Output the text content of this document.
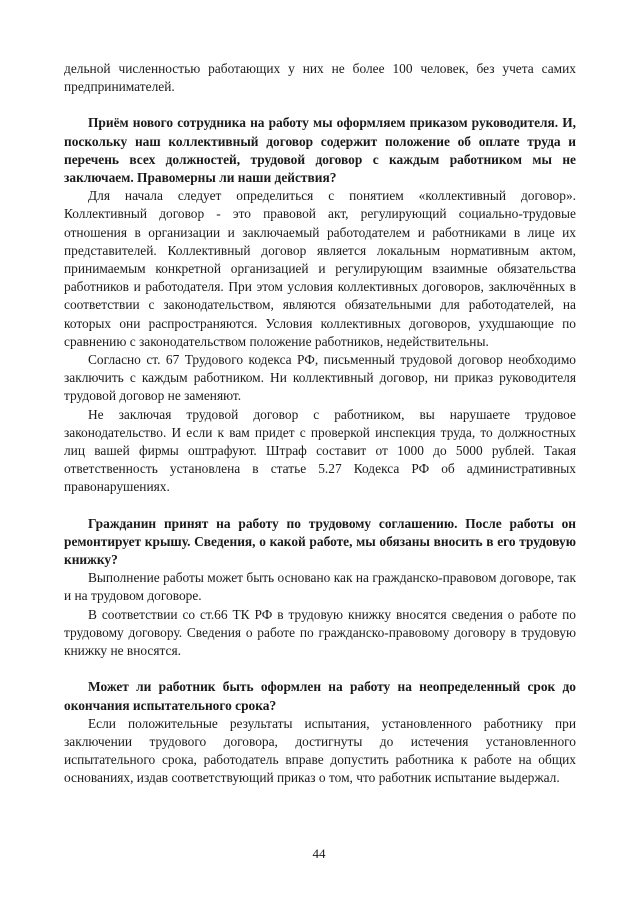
дельной численностью работающих у них не более 100 человек, без учета самих предпринимателей.

Приём нового сотрудника на работу мы оформляем приказом руководителя. И, поскольку наш коллективный договор содержит положение об оплате труда и перечень всех должностей, трудовой договор с каждым работником мы не заключаем. Правомерны ли наши действия?

Для начала следует определиться с понятием «коллективный договор». Коллективный договор - это правовой акт, регулирующий социально-трудовые отношения в организации и заключаемый работодателем и работниками в лице их представителей. Коллективный договор является локальным нормативным актом, принимаемым конкретной организацией и регулирующим взаимные обязательства работников и работодателя. При этом условия коллективных договоров, заключённых в соответствии с законодательством, являются обязательными для работодателей, на которых они распространяются. Условия коллективных договоров, ухудшающие по сравнению с законодательством положение работников, недействительны.

Согласно ст. 67 Трудового кодекса РФ, письменный трудовой договор необходимо заключить с каждым работником. Ни коллективный договор, ни приказ руководителя трудовой договор не заменяют.

Не заключая трудовой договор с работником, вы нарушаете трудовое законодательство. И если к вам придет с проверкой инспекция труда, то должностных лиц вашей фирмы оштрафуют. Штраф составит от 1000 до 5000 рублей. Такая ответственность установлена в статье 5.27 Кодекса РФ об административных правонарушениях.

Гражданин принят на работу по трудовому соглашению. После работы он ремонтирует крышу. Сведения, о какой работе, мы обязаны вносить в его трудовую книжку?

Выполнение работы может быть основано как на гражданско-правовом договоре, так и на трудовом договоре.

В соответствии со ст.66 ТК РФ в трудовую книжку вносятся сведения о работе по трудовому договору. Сведения о работе по гражданско-правовому договору в трудовую книжку не вносятся.

Может ли работник быть оформлен на работу на неопределенный срок до окончания испытательного срока?

Если положительные результаты испытания, установленного работнику при заключении трудового договора, достигнуты до истечения установленного испытательного срока, работодатель вправе допустить работника к работе на общих основаниях, издав соответствующий приказ о том, что работник испытание выдержал.

44
